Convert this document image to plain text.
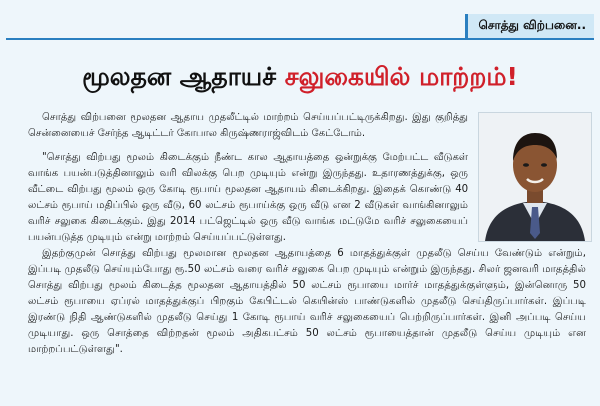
சொத்து விற்பனை..
மூலதன ஆதாயச் சலுகையில் மாற்றம்!

சொத்து விற்பனை மூலதன ஆதாய முதலீட்டில் மாற்றம் செய்யப்பட்டிருக்கிறது. இது குறித்து சென்னையைச் சேர்ந்த ஆடிட்டர் கோபால கிருஷ்ணராஜ்விடம் கேட்டோம்.

"சொத்து விற்பது மூலம் கிடைக்கும் நீண்ட கால ஆதாயத்தை ஒன்றுக்கு மேற்பட்ட வீடுகள் வாங்க பயன்படுத்தினாலும் வரி விலக்கு பெற முடியும் என்று இருந்தது. உதாரணத்துக்கு, ஒரு வீட்டை விற்பது மூலம் ஒரு கோடி ரூபாய் மூலதன ஆதாயம் கிடைக்கிறது. இதைக் கொண்டு 40 லட்சம் ரூபாய் மதிப்பில் ஒரு வீடு, 60 லட்சம் ரூபாய்க்கு ஒரு வீடு என 2 வீடுகள் வாங்கினாலும் வரிச் சலுகை கிடைக்கும். இது 2014 பட்ஜெட்டில் ஒரு வீடு வாங்க மட்டுமே வரிச் சலுகையைப் பயன்படுத்த முடியும் என்று மாற்றம் செய்யப்பட்டுள்ளது.

இதற்குமுன் சொத்து விற்பது மூலமான மூலதன ஆதாயத்தை 6 மாதத்துக்குள் முதலீடு செய்ய வேண்டும் என்றும், இப்படி முதலீடு செய்யும்போது ரூ.50 லட்சம் வரை வரிச் சலுகை பெற முடியும் என்றும் இருந்தது. சிலர் ஜனவரி மாதத்தில் சொத்து விற்பது மூலம் கிடைத்த மூலதன ஆதாயத்தில் 50 லட்சம் ரூபாயை மார்ச் மாதத்துக்குள்ளும், இன்னொரு 50 லட்சம் ரூபாயை ஏப்ரல் மாதத்துக்குப் பிறகும் கேபிட்டல் கெயின்ஸ் பாண்டுகளில் முதலீடு செய்திருப்பார்கள். இப்படி இரண்டு நிதி ஆண்டுகளில் முதலீடு செய்து 1 கோடி ரூபாய் வரிச் சலுகையைப் பெற்றிருப்பார்கள். இனி அப்படி செய்ய முடியாது. ஒரு சொத்தை விற்றதன் மூலம் அதிகபட்சம் 50 லட்சம் ரூபாயைத்தான் முதலீடு செய்ய முடியும் என மாற்றப்பட்டுள்ளது".
